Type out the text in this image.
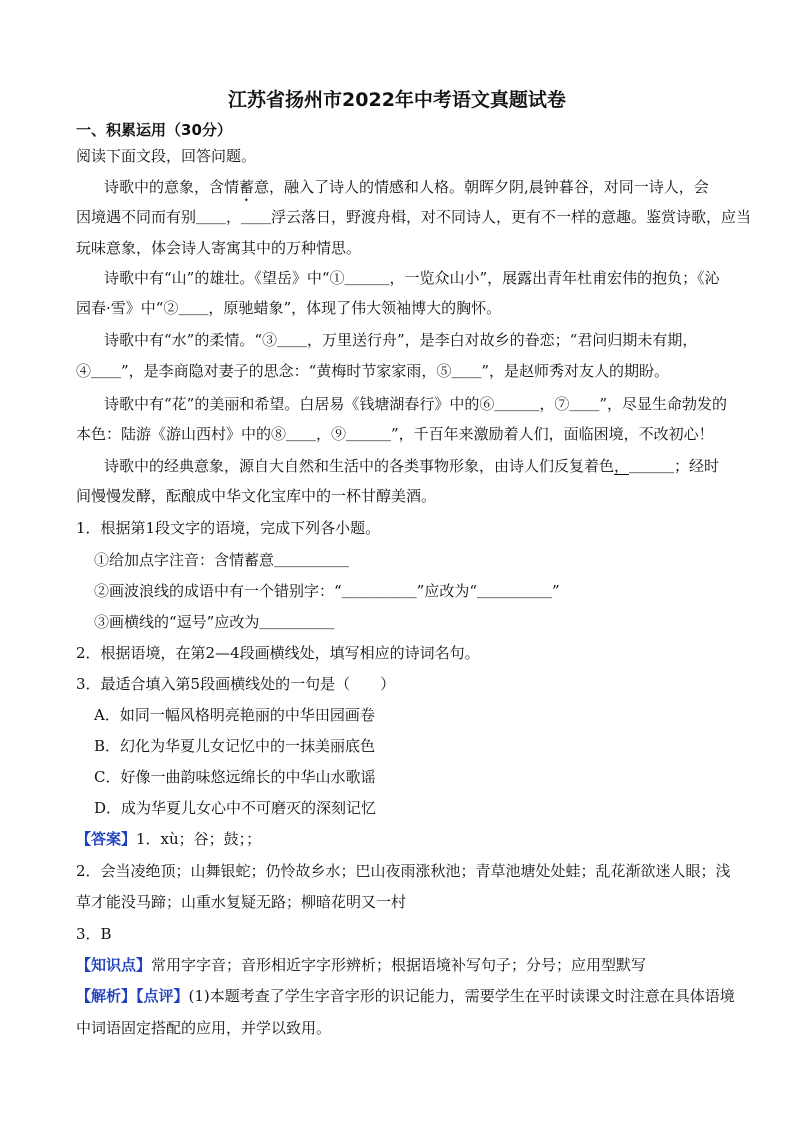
江苏省扬州市2022年中考语文真题试卷
一、积累运用（30分）
阅读下面文段，回答问题。
诗歌中的意象，含情蓄意，融入了诗人的情感和人格。朝晖夕阴,晨钟暮谷，对同一诗人，会
因境遇不同而有别＿＿，＿＿浮云落日，野渡舟楫，对不同诗人，更有不一样的意趣。鉴赏诗歌，应当
玩味意象，体会诗人寄寓其中的万种情思。
诗歌中有“山”的雄壮。《望岳》中“①＿＿＿，一览众山小”，展露出青年杜甫宏伟的抱负；《沁
园春·雪》中“②＿＿，原驰蜡象”，体现了伟大领袖博大的胸怀。
诗歌中有“水”的柔情。“③＿＿，万里送行舟”，是李白对故乡的眷恋；“君问归期未有期，
④＿＿”，是李商隐对妻子的思念：“黄梅时节家家雨，⑤＿＿”，是赵师秀对友人的期盼。
诗歌中有“花”的美丽和希望。白居易《钱塘湖春行》中的⑥＿＿＿，⑦＿＿”，尽显生命勃发的
本色：陆游《游山西村》中的⑧＿＿，⑨＿＿＿”，千百年来激励着人们，面临困境，不改初心！
诗歌中的经典意象，源自大自然和生活中的各类事物形象，由诗人们反复着色，＿＿＿；经时
间慢慢发酵，酝酿成中华文化宝库中的一杯甘醇美酒。
1．根据第1段文字的语境，完成下列各小题。
①给加点字注音：含情蓄意＿＿＿＿＿
②画波浪线的成语中有一个错别字：“＿＿＿＿＿”应改为“＿＿＿＿＿”
③画横线的“逗号”应改为＿＿＿＿＿
2．根据语境，在第2—4段画横线处，填写相应的诗词名句。
3．最适合填入第5段画横线处的一句是（　　）
A．如同一幅风格明亮艳丽的中华田园画卷
B．幻化为华夏儿女记忆中的一抹美丽底色
C．好像一曲韵味悠远绵长的中华山水歌谣
D．成为华夏儿女心中不可磨灭的深刻记忆
【答案】1．xù；谷；鼓；；
2．会当凌绝顶；山舞银蛇；仍怜故乡水；巴山夜雨涨秋池；青草池塘处处蛙；乱花渐欲迷人眼；浅
草才能没马蹄；山重水复疑无路；柳暗花明又一村
3．B
【知识点】常用字字音；音形相近字字形辨析；根据语境补写句子；分号；应用型默写
【解析】【点评】(1)本题考查了学生字音字形的识记能力，需要学生在平时读课文时注意在具体语境
中词语固定搭配的应用，并学以致用。
